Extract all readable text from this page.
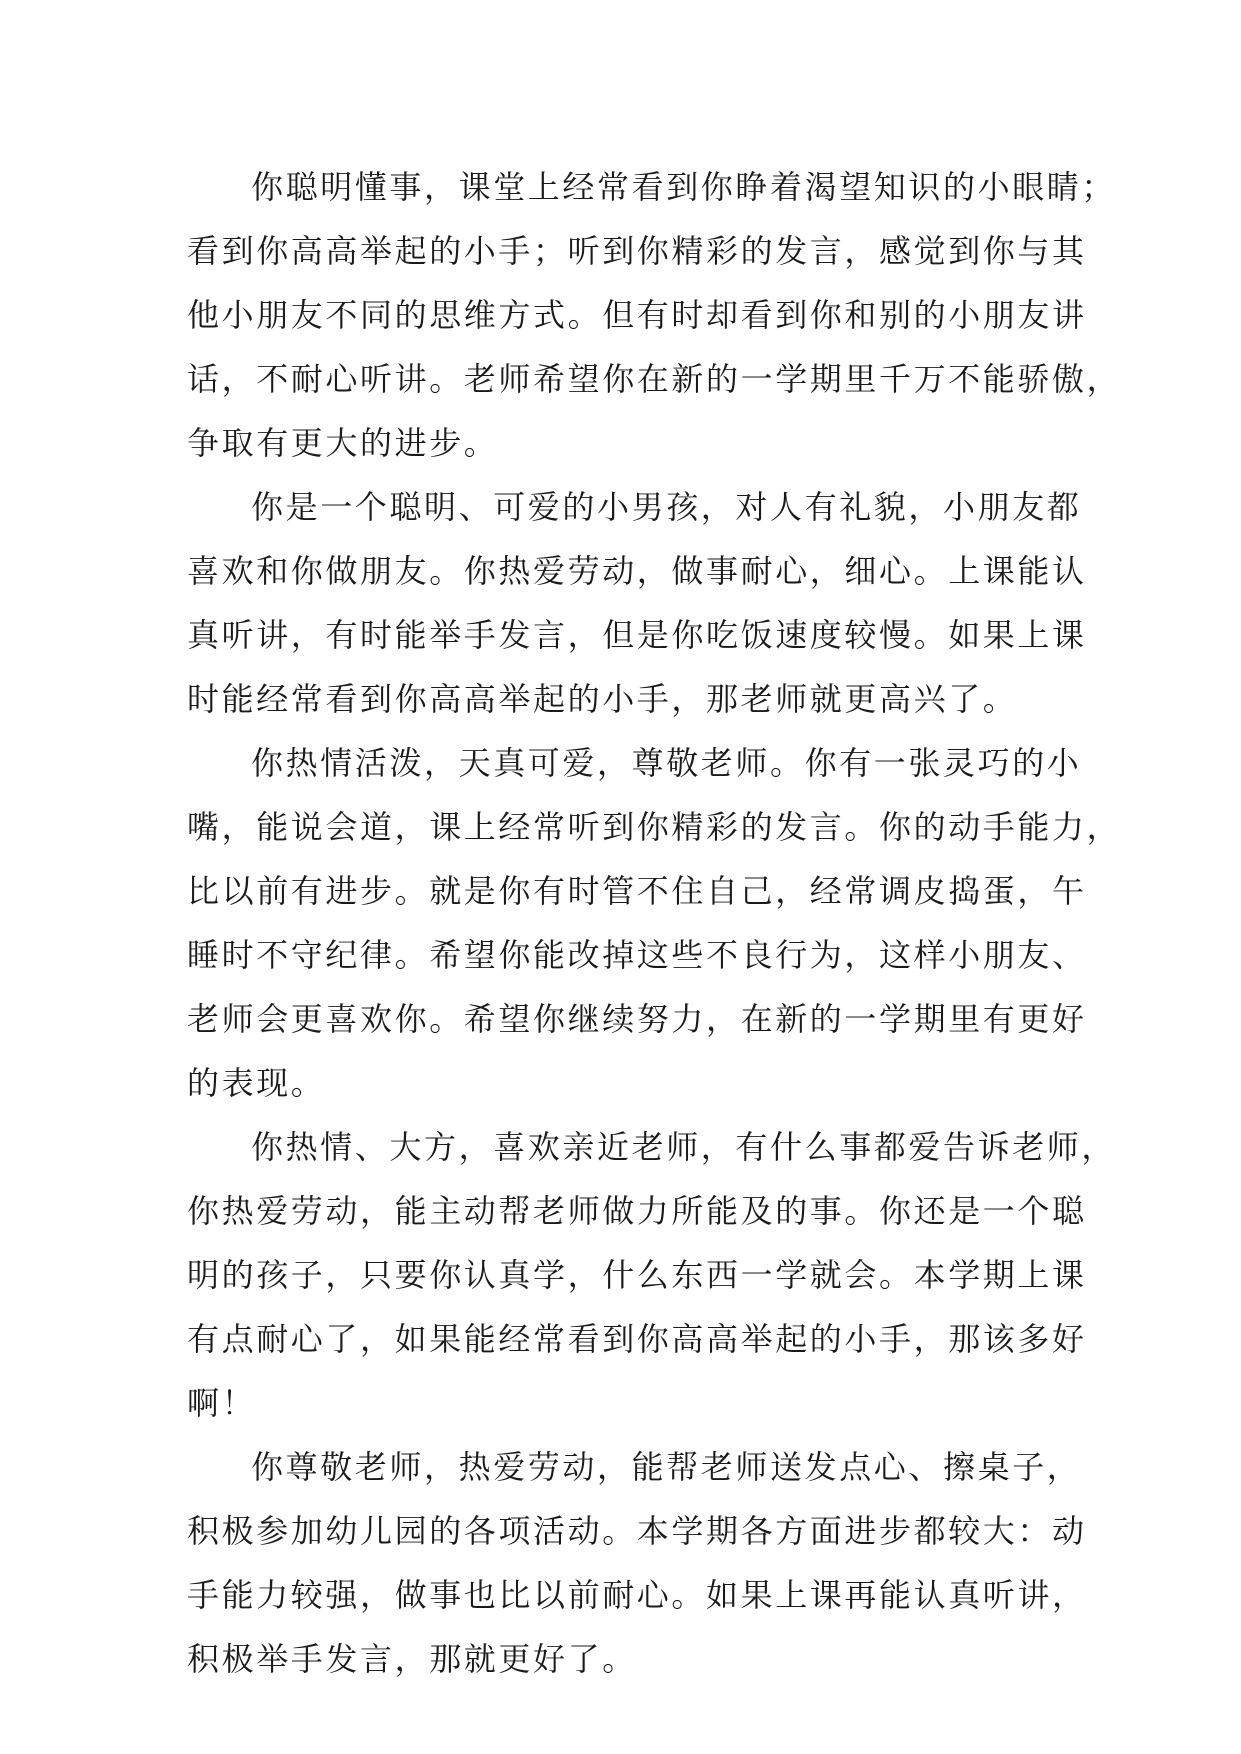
你聪明懂事，课堂上经常看到你睁着渴望知识的小眼睛；
看到你高高举起的小手；听到你精彩的发言，感觉到你与其
他小朋友不同的思维方式。但有时却看到你和别的小朋友讲
话，不耐心听讲。老师希望你在新的一学期里千万不能骄傲，
争取有更大的进步。

你是一个聪明、可爱的小男孩，对人有礼貌，小朋友都
喜欢和你做朋友。你热爱劳动，做事耐心，细心。上课能认
真听讲，有时能举手发言，但是你吃饭速度较慢。如果上课
时能经常看到你高高举起的小手，那老师就更高兴了。

你热情活泼，天真可爱，尊敬老师。你有一张灵巧的小
嘴，能说会道，课上经常听到你精彩的发言。你的动手能力，
比以前有进步。就是你有时管不住自己，经常调皮捣蛋，午
睡时不守纪律。希望你能改掉这些不良行为，这样小朋友、
老师会更喜欢你。希望你继续努力，在新的一学期里有更好
的表现。

你热情、大方，喜欢亲近老师，有什么事都爱告诉老师，
你热爱劳动，能主动帮老师做力所能及的事。你还是一个聪
明的孩子，只要你认真学，什么东西一学就会。本学期上课
有点耐心了，如果能经常看到你高高举起的小手，那该多好
啊！

你尊敬老师，热爱劳动，能帮老师送发点心、擦桌子，
积极参加幼儿园的各项活动。本学期各方面进步都较大：动
手能力较强，做事也比以前耐心。如果上课再能认真听讲，
积极举手发言，那就更好了。
